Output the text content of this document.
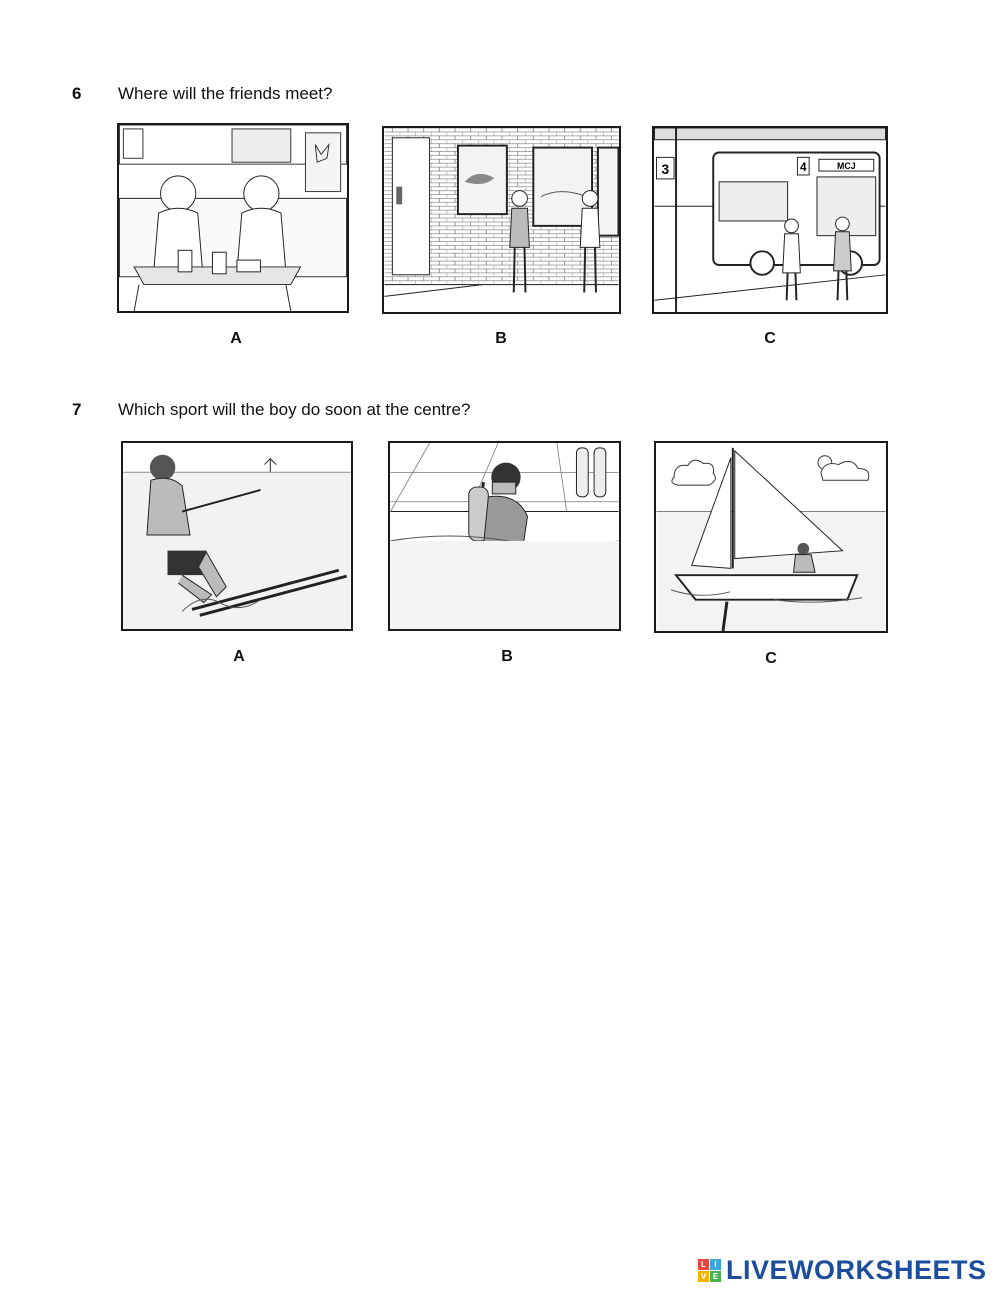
6 Where will the friends meet?
A	B
3	4	MCJ
C
7 Which sport will the boy do soon at the centre?
A	B	C
L	I
V E LIVEWORKSHEETS
